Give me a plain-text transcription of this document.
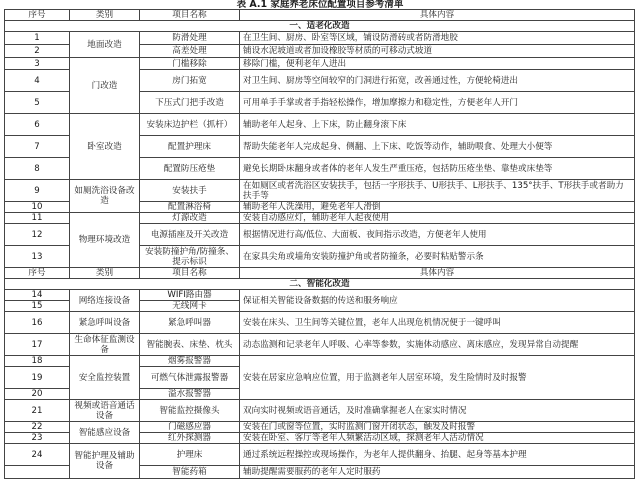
表 A.1 家庭养老床位配置项目参考清单
序号	类别	项目名称	具体内容
一、适老化改造			
1	地面改造	防滑处理	在卫生间、厨房、卧室等区域，铺设防滑砖或者防滑地胶
2		高差处理	铺设水泥坡道或者加设橡胶等材质的可移动式坡道
3	门改造	门槛移除	移除门槛，便利老年人进出
4		房门拓宽	对卫生间、厨房等空间较窄的门洞进行拓宽，改善通过性，方便轮椅进出
5		下压式门把手改造	可用单手手掌或者手指轻松操作，增加摩擦力和稳定性，方便老年人开门
6	卧室改造	安装床边护栏（抓杆）	辅助老年人起身、上下床，防止翻身滚下床
7		配置护理床	帮助失能老年人完成起身、侧翻、上下床、吃饭等动作，辅助喂食、处理大小便等
8		配置防压疮垫	避免长期卧床翻身或者体的老年人发生严重压疮，包括防压疮坐垫、靠垫或床垫等
9	如厕洗浴设备改造	安装扶手	在如厕区或者洗浴区安装扶手，包括一字形扶手、U形扶手、L形扶手、135°扶手、T形扶手或者助力扶手等
10		配置淋浴椅	辅助老年人洗澡用，避免老年人滑倒
11	物理环境改造	灯源改造	安装自动感应灯，辅助老年人起夜使用
12		电源插座及开关改造	根据情况进行高/低位、大面板、夜间指示改造，方便老年人使用
13		安装防撞护角/防撞条、提示标识	在家具尖角或墙角安装防撞护角或者防撞条，必要时粘贴警示条
序号	类别	项目名称	具体内容
二、智能化改造			
14	网络连接设备	WIFI路由器	保证相关智能设备数据的传送和服务响应
15		无线网卡	
16	紧急呼叫设备	紧急呼叫器	安装在床头、卫生间等关键位置，老年人出现危机情况便于一键呼叫
17	生命体征监测设备	智能腕表、床垫、枕头	动态监测和记录老年人呼吸、心率等参数，实施体动感应、离床感应，发现异常自动提醒
18	安全监控装置	烟雾报警器	安装在居家应急响应位置，用于监测老年人居室环境，发生险情时及时报警
19		可燃气体泄露报警器	
20		溢水报警器	
21	视频或语音通话设备	智能监控摄像头	双向实时视频或语音通话，及时准确掌握老人在家实时情况
22	智能感应设备	门磁感应器	安装在门或窗等位置，实时监测门窗开闭状态，触发及时报警
23		红外探测器	安装在卧室、客厅等老年人频繁活动区域，探测老年人活动情况
24	智能护理及辅助设备	护理床	通过系统远程操控或现场操作，为老年人提供翻身、抬腿、起身等基本护理
		智能药箱	辅助提醒需要服药的老年人定时服药
